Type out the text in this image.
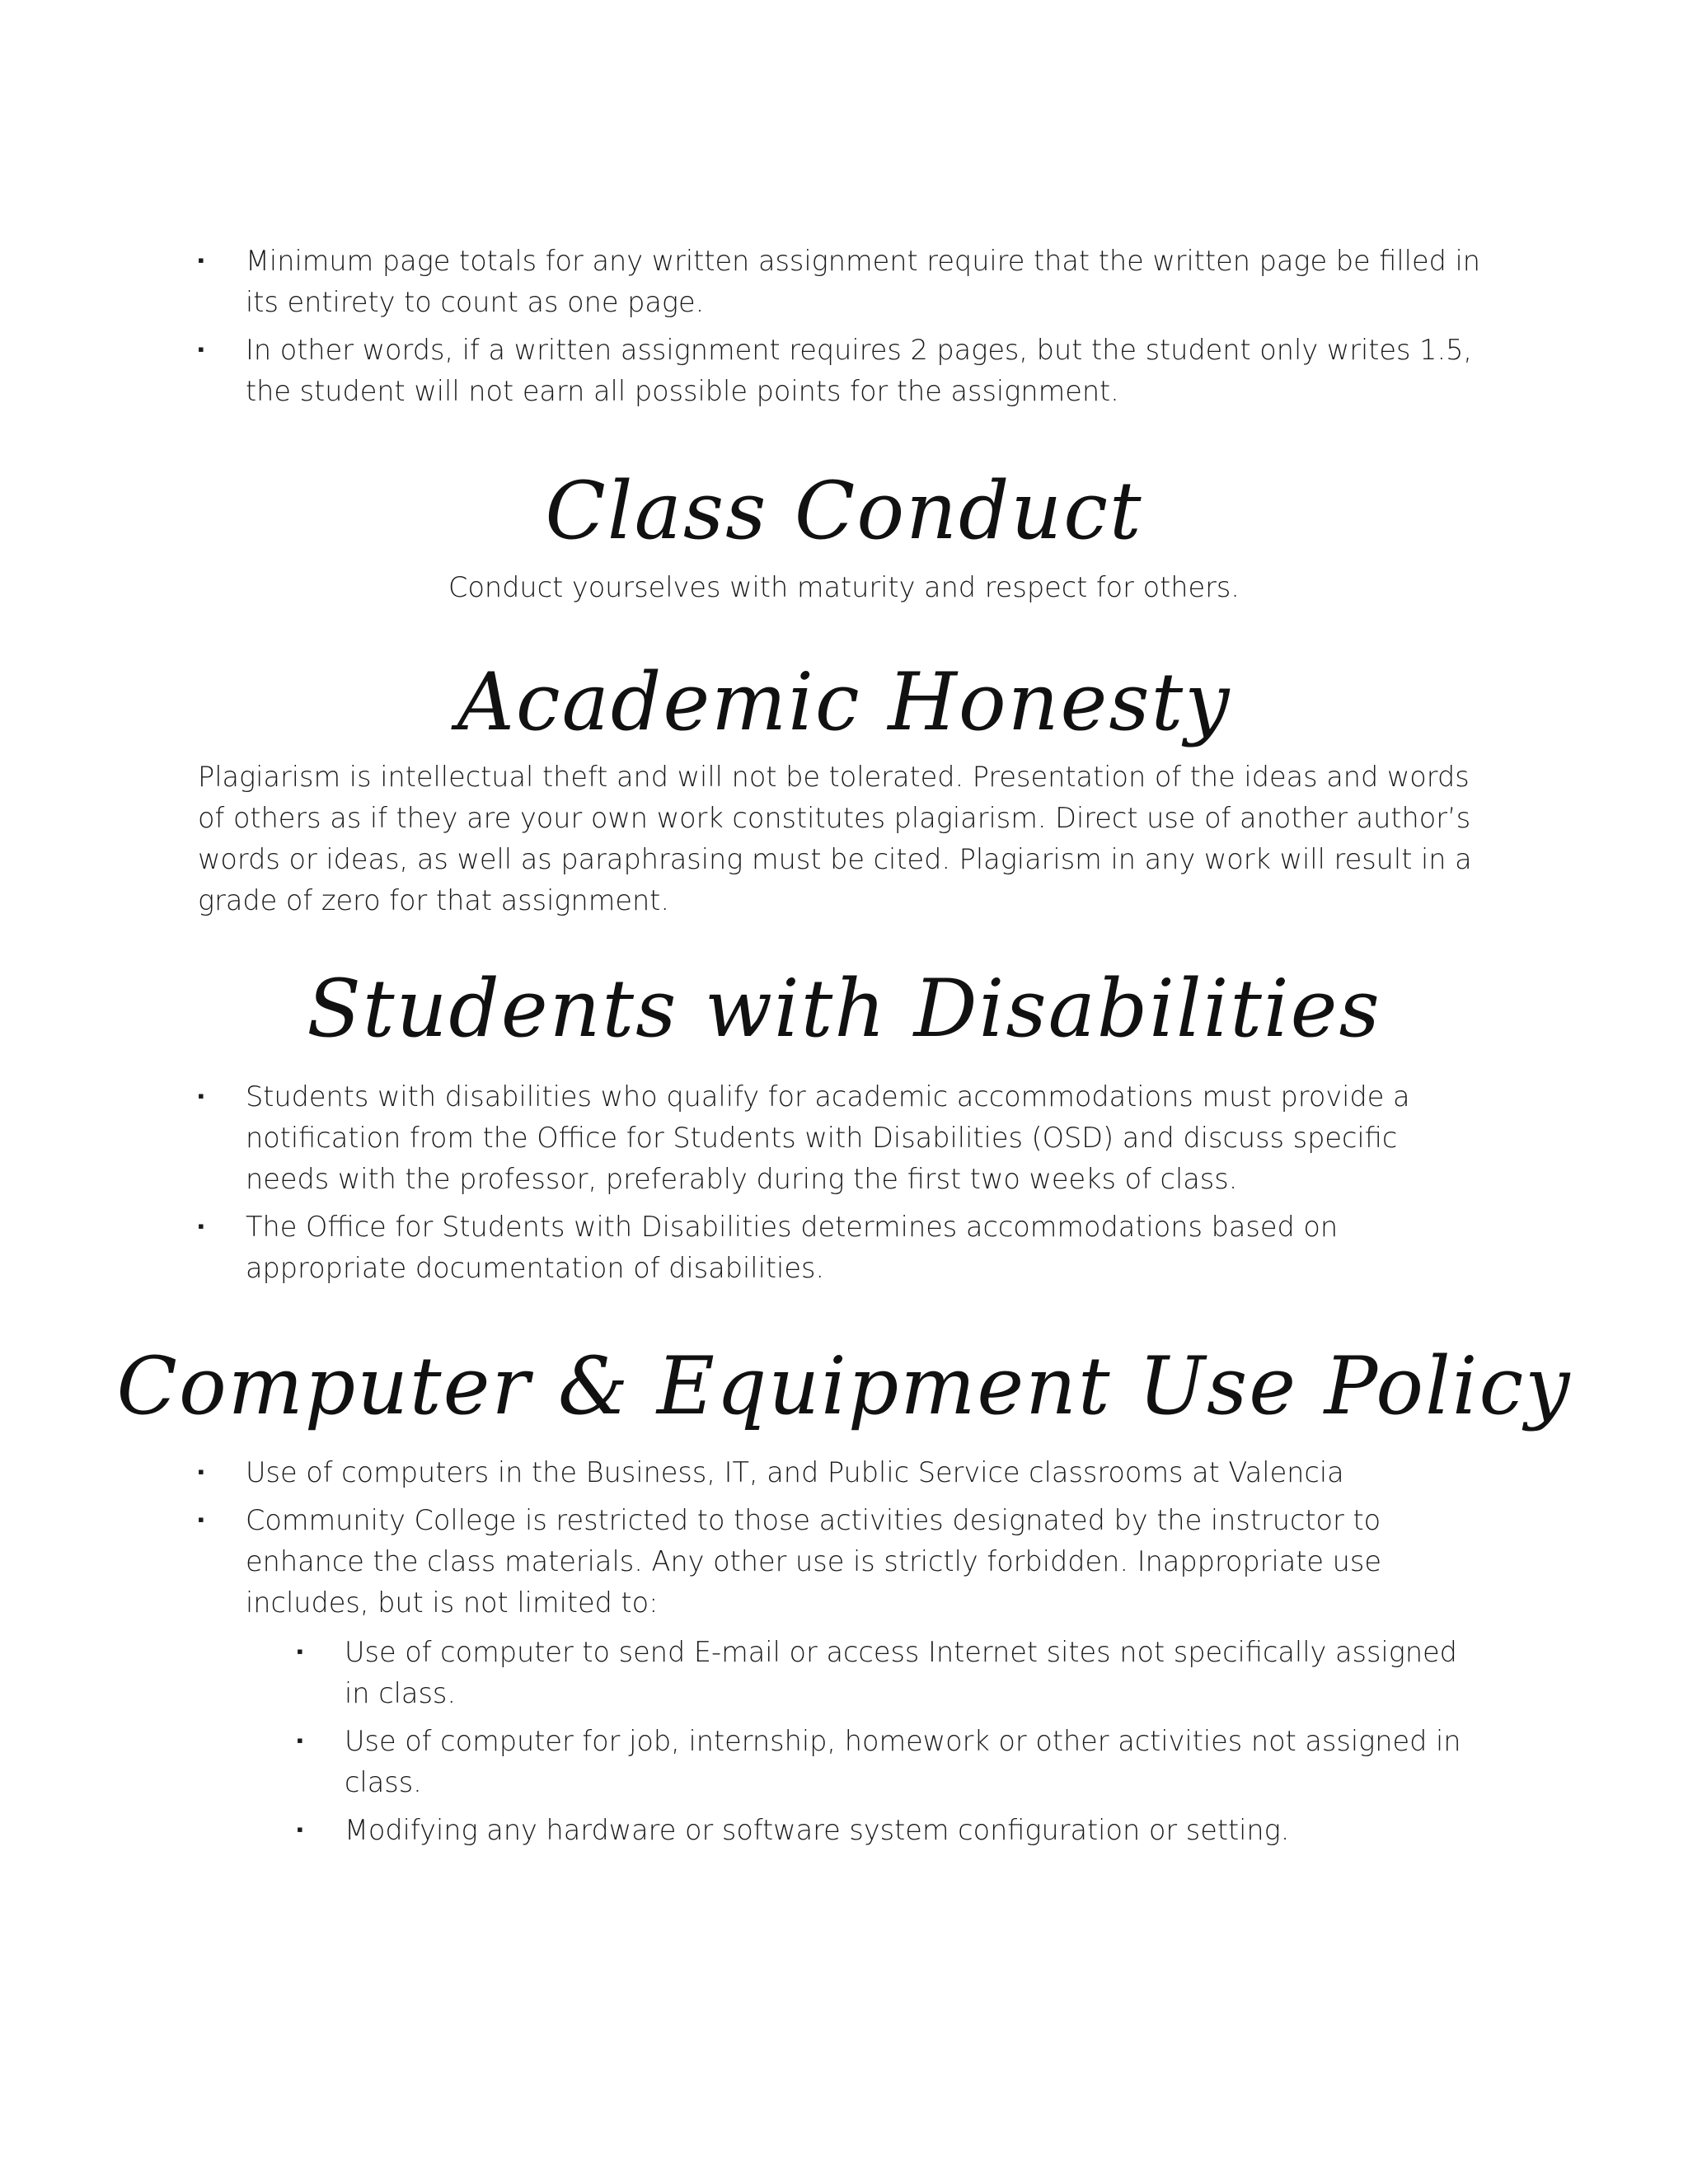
▪ Minimum page totals for any written assignment require that the written page be filled in its entirety to count as one page.
▪ In other words, if a written assignment requires 2 pages, but the student only writes 1.5, the student will not earn all possible points for the assignment.
Class Conduct

Conduct yourselves with maturity and respect for others.

Academic Honesty

Plagiarism is intellectual theft and will not be tolerated. Presentation of the ideas and words of others as if they are your own work constitutes plagiarism. Direct use of another author’s words or ideas, as well as paraphrasing must be cited. Plagiarism in any work will result in a grade of zero for that assignment.

Students with Disabilities
▪ Students with disabilities who qualify for academic accommodations must provide a notification from the Office for Students with Disabilities (OSD) and discuss specific needs with the professor, preferably during the first two weeks of class.
▪ The Office for Students with Disabilities determines accommodations based on appropriate documentation of disabilities.
Computer & Equipment Use Policy
▪ Use of computers in the Business, IT, and Public Service classrooms at Valencia
▪ Community College is restricted to those activities designated by the instructor to enhance the class materials. Any other use is strictly forbidden. Inappropriate use includes, but is not limited to:
▪ Use of computer to send E-mail or access Internet sites not specifically assigned in class.
▪ Use of computer for job, internship, homework or other activities not assigned in class.
▪ Modifying any hardware or software system configuration or setting.
